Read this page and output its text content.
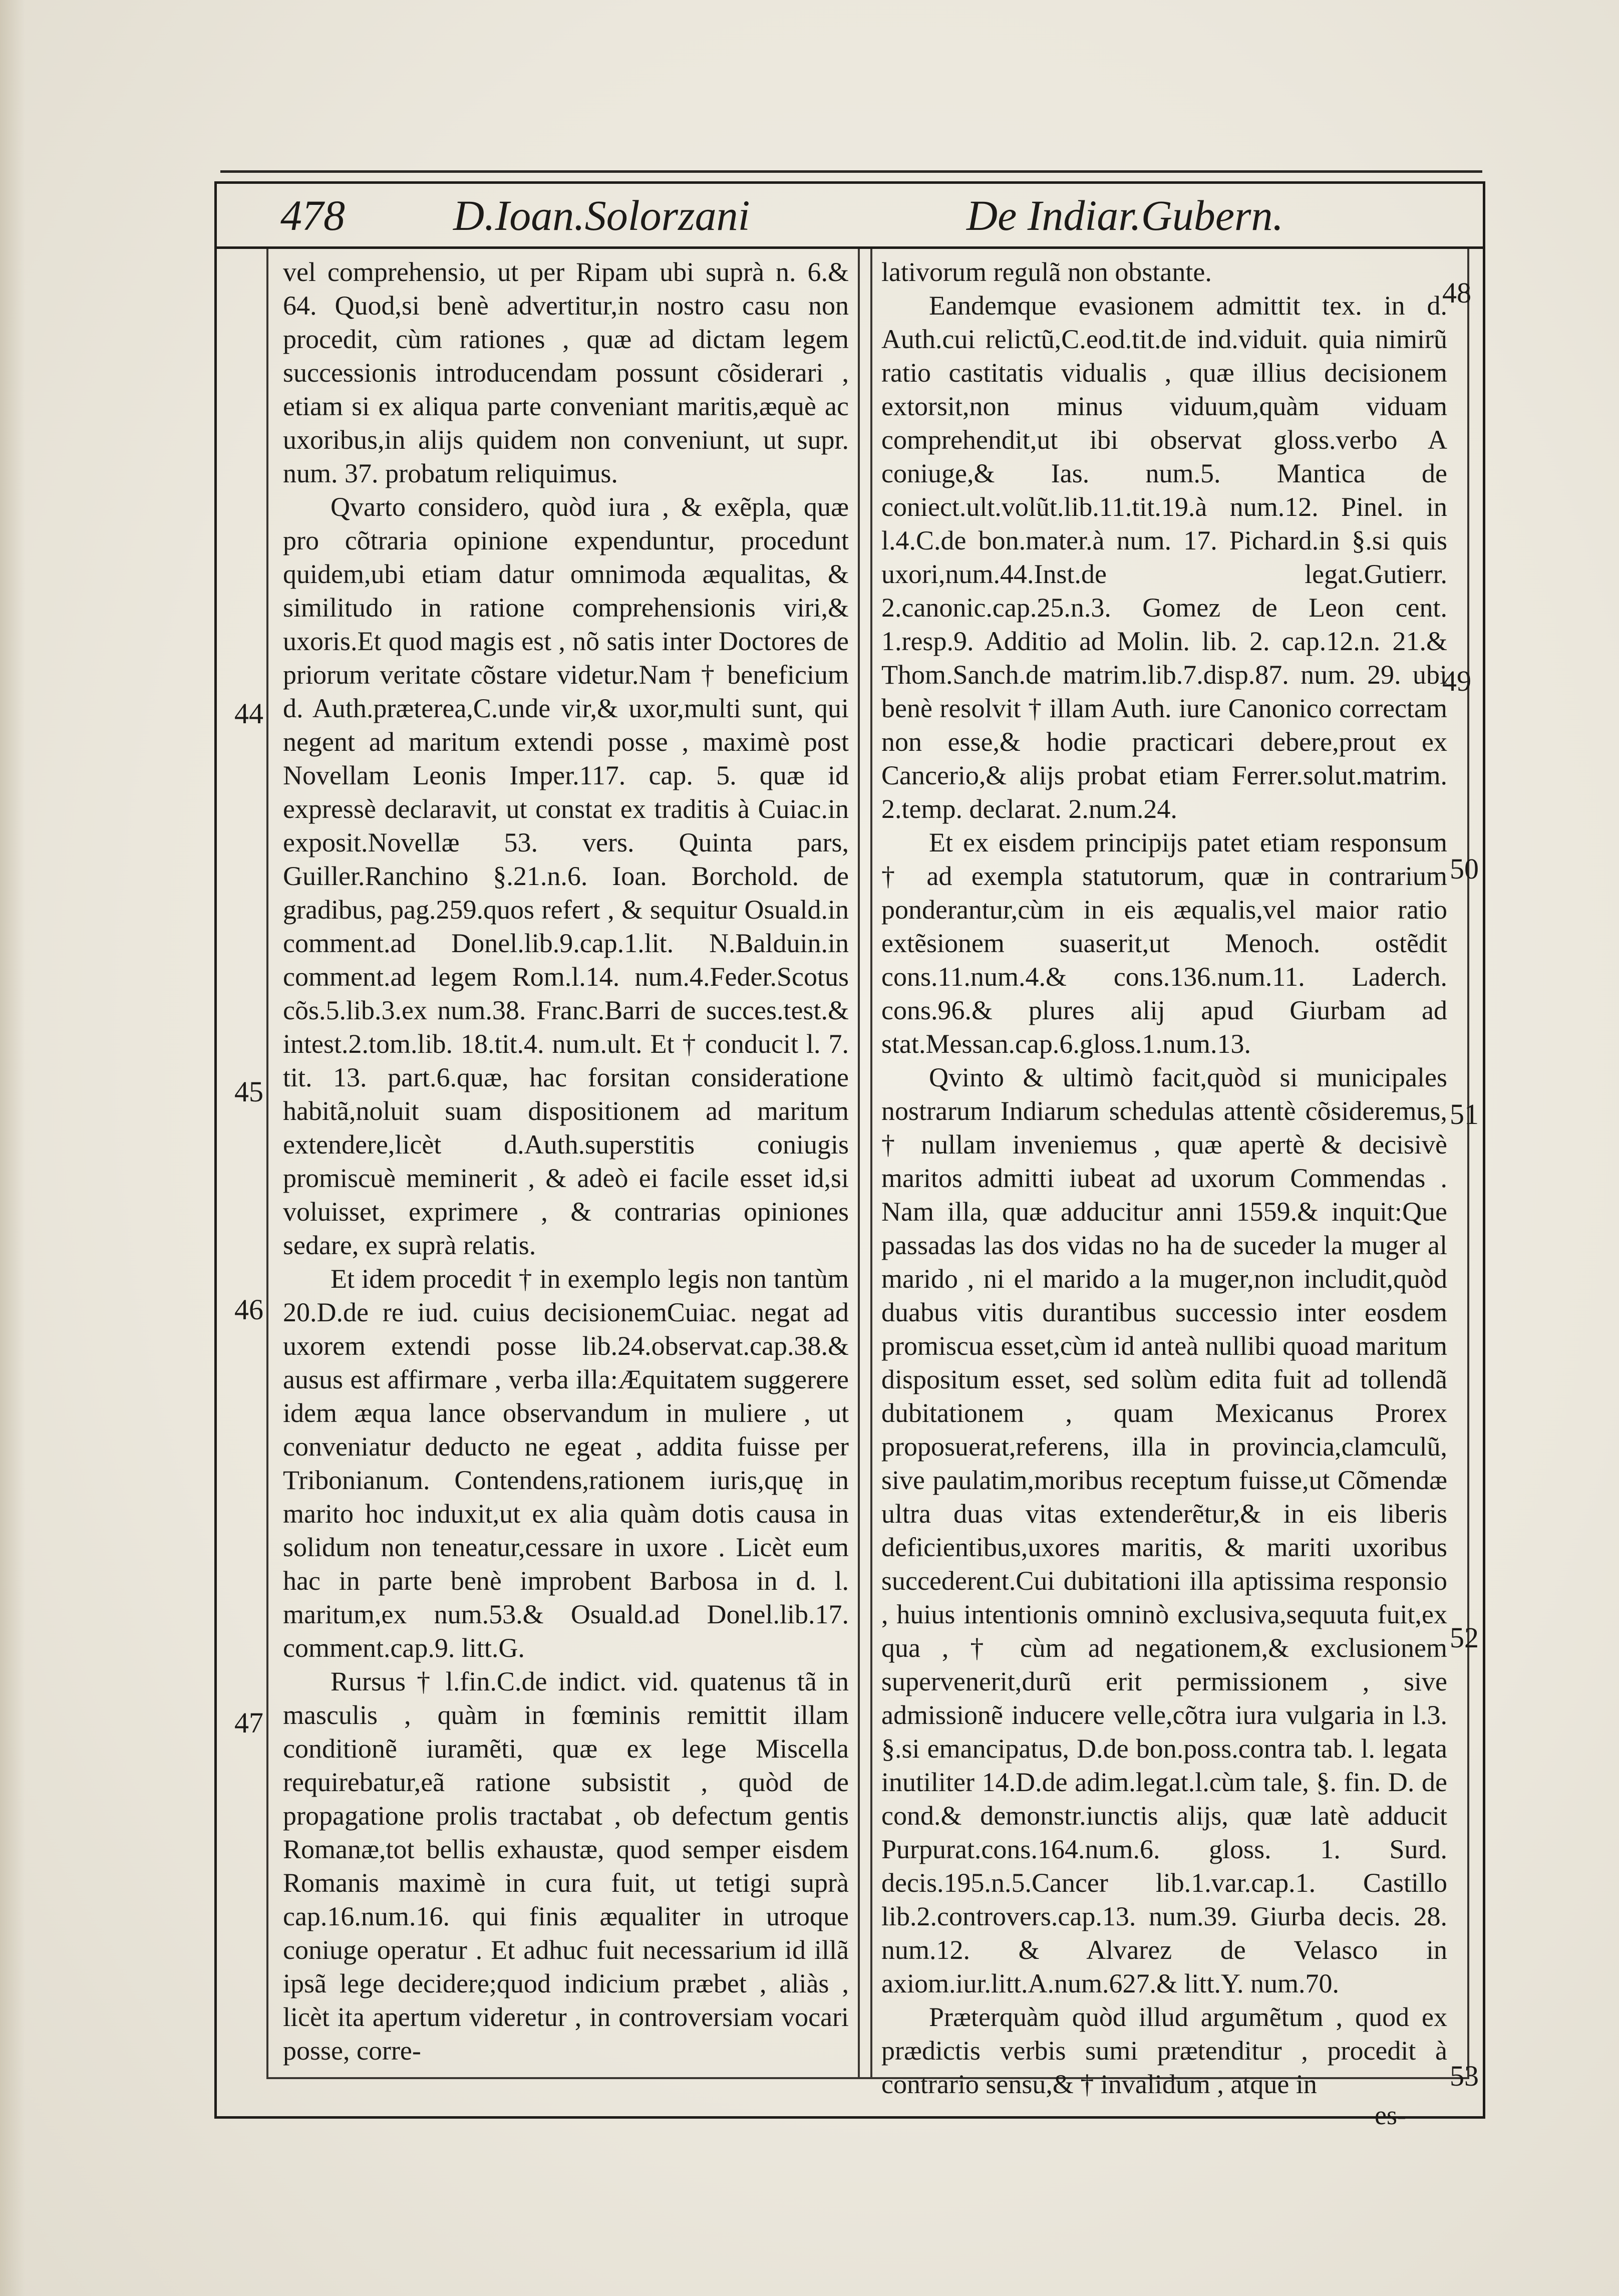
478	D.Ioan.Solorzani	De Indiar.Gubern.

vel comprehensio, ut per Ripam ubi suprà n. 6.& 64. Quod,si benè advertitur,in nostro casu non procedit, cùm rationes , quæ ad dictam legem successionis introducendam possunt cõsiderari , etiam si ex aliqua parte conveniant maritis,æquè ac uxoribus,in alijs quidem non conveniunt, ut supr. num. 37. probatum reliquimus.

Qvarto considero, quòd iura , & exẽpla, quæ pro cõtraria opinione expenduntur, procedunt quidem,ubi etiam datur omnimoda æqualitas, & similitudo in ratione comprehensionis viri,& uxoris.Et quod magis est , nõ satis inter Doctores de priorum veritate cõstare videtur.Nam † beneficium d. Auth.præterea,C.unde vir,& uxor,multi sunt, qui negent ad maritum extendi posse , maximè post Novellam Leonis Imper.117. cap. 5. quæ id expressè declaravit, ut constat ex traditis à Cuiac.in exposit.Novellæ 53. vers. Quinta pars, Guiller.Ranchino §.21.n.6. Ioan. Borchold. de gradibus, pag.259.quos refert , & sequitur Osuald.in comment.ad Donel.lib.9.cap.1.lit. N.Balduin.in comment.ad legem Rom.l.14. num.4.Feder.Scotus cõs.5.lib.3.ex num.38. Franc.Barri de succes.test.& intest.2.tom.lib. 18.tit.4. num.ult. Et † conducit l. 7. tit. 13. part.6.quæ, hac forsitan consideratione habitã,noluit suam dispositionem ad maritum extendere,licèt d.Auth.superstitis coniugis promiscuè meminerit , & adeò ei facile esset id,si voluisset, exprimere , & contrarias opiniones sedare, ex suprà relatis.

Et idem procedit † in exemplo legis non tantùm 20.D.de re iud. cuius decisionemCuiac. negat ad uxorem extendi posse lib.24.observat.cap.38.& ausus est affirmare , verba illa:Æquitatem suggerere idem æqua lance observandum in muliere , ut conveniatur deducto ne egeat , addita fuisse per Tribonianum. Contendens,rationem iuris,quę in marito hoc induxit,ut ex alia quàm dotis causa in solidum non teneatur,cessare in uxore . Licèt eum hac in parte benè improbent Barbosa in d. l. maritum,ex num.53.& Osuald.ad Donel.lib.17. comment.cap.9. litt.G.

Rursus † l.fin.C.de indict. vid. quatenus tã in masculis , quàm in fœminis remittit illam conditionẽ iuramẽti, quæ ex lege Miscella requirebatur,eã ratione subsistit , quòd de propagatione prolis tractabat , ob defectum gentis Romanæ,tot bellis exhaustæ, quod semper eisdem Romanis maximè in cura fuit, ut tetigi suprà cap.16.num.16. qui finis æqualiter in utroque coniuge operatur . Et adhuc fuit necessarium id illã ipsã lege decidere;quod indicium præbet , aliàs , licèt ita apertum videretur , in controversiam vocari posse, corre-

lativorum regulã non obstante.

Eandemque evasionem admittit tex. in d. Auth.cui relictũ,C.eod.tit.de ind.viduit. quia nimirũ ratio castitatis vidualis , quæ illius decisionem extorsit,non minus viduum,quàm viduam comprehendit,ut ibi observat gloss.verbo A coniuge,& Ias. num.5. Mantica de coniect.ult.volũt.lib.11.tit.19.à num.12. Pinel. in l.4.C.de bon.mater.à num. 17. Pichard.in §.si quis uxori,num.44.Inst.de legat.Gutierr. 2.canonic.cap.25.n.3. Gomez de Leon cent. 1.resp.9. Additio ad Molin. lib. 2. cap.12.n. 21.& Thom.Sanch.de matrim.lib.7.disp.87. num. 29. ubi benè resolvit † illam Auth. iure Canonico correctam non esse,& hodie practicari debere,prout ex Cancerio,& alijs probat etiam Ferrer.solut.matrim. 2.temp. declarat. 2.num.24.

Et ex eisdem principijs patet etiam responsum † ad exempla statutorum, quæ in contrarium ponderantur,cùm in eis æqualis,vel maior ratio extẽsionem suaserit,ut Menoch. ostẽdit cons.11.num.4.& cons.136.num.11. Laderch. cons.96.& plures alij apud Giurbam ad stat.Messan.cap.6.gloss.1.num.13.

Qvinto & ultimò facit,quòd si municipales nostrarum Indiarum schedulas attentè cõsideremus, † nullam inveniemus , quæ apertè & decisivè maritos admitti iubeat ad uxorum Commendas . Nam illa, quæ adducitur anni 1559.& inquit:Que passadas las dos vidas no ha de suceder la muger al marido , ni el marido a la muger,non includit,quòd duabus vitis durantibus successio inter eosdem promiscua esset,cùm id anteà nullibi quoad maritum dispositum esset, sed solùm edita fuit ad tollendã dubitationem , quam Mexicanus Prorex proposuerat,referens, illa in provincia,clamculũ, sive paulatim,moribus receptum fuisse,ut Cõmendæ ultra duas vitas extenderẽtur,& in eis liberis deficientibus,uxores maritis, & mariti uxoribus succederent.Cui dubitationi illa aptissima responsio , huius intentionis omninò exclusiva,sequuta fuit,ex qua , † cùm ad negationem,& exclusionem supervenerit,durũ erit permissionem , sive admissionẽ inducere velle,cõtra iura vulgaria in l.3. §.si emancipatus, D.de bon.poss.contra tab. l. legata inutiliter 14.D.de adim.legat.l.cùm tale, §. fin. D. de cond.& demonstr.iunctis alijs, quæ latè adducit Purpurat.cons.164.num.6. gloss. 1. Surd. decis.195.n.5.Cancer lib.1.var.cap.1. Castillo lib.2.controvers.cap.13. num.39. Giurba decis. 28. num.12. & Alvarez de Velasco in axiom.iur.litt.A.num.627.& litt.Y. num.70.

Præterquàm quòd illud argumẽtum , quod ex prædictis verbis sumi prætenditur , procedit à contrario sensu,& † invalidum , atque in

44
45
46
47
48
49
50
51
52
53
es-
